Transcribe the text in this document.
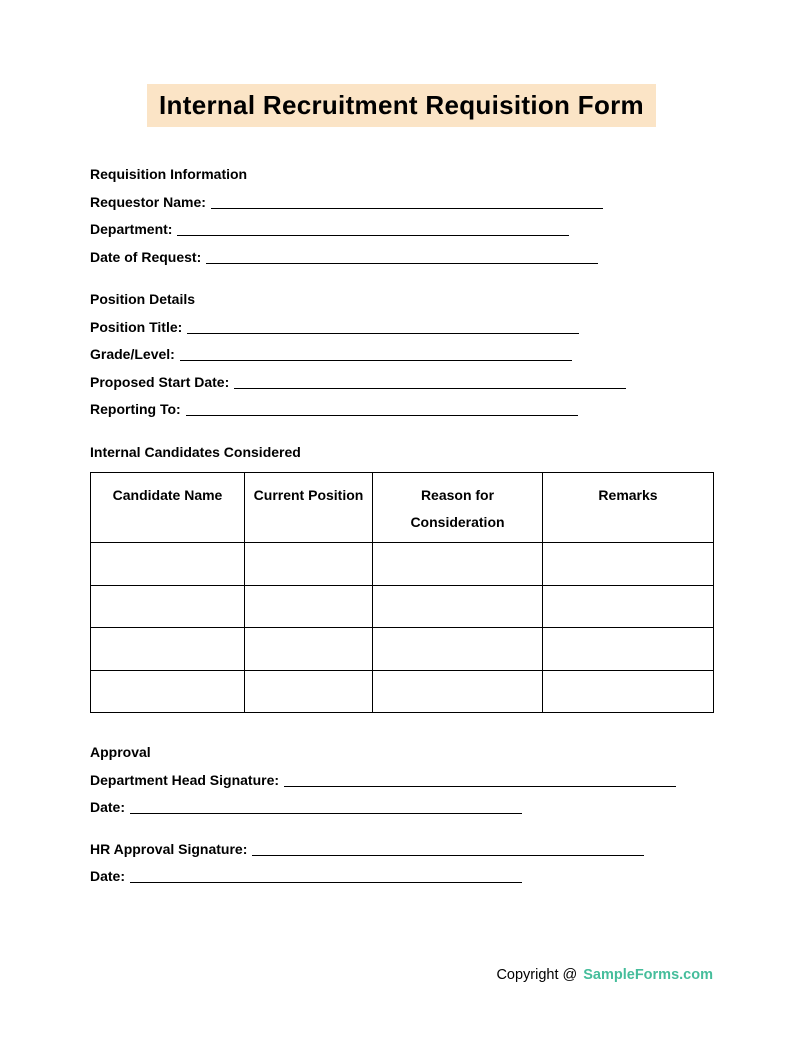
Internal Recruitment Requisition Form
Requisition Information
Requestor Name:
Department:
Date of Request:
Position Details
Position Title:
Grade/Level:
Proposed Start Date:
Reporting To:
Internal Candidates Considered
Candidate Name	Current Position	Reason for Consideration	Remarks

Approval
Department Head Signature:
Date:
HR Approval Signature:
Date:
Copyright @ SampleForms.com
